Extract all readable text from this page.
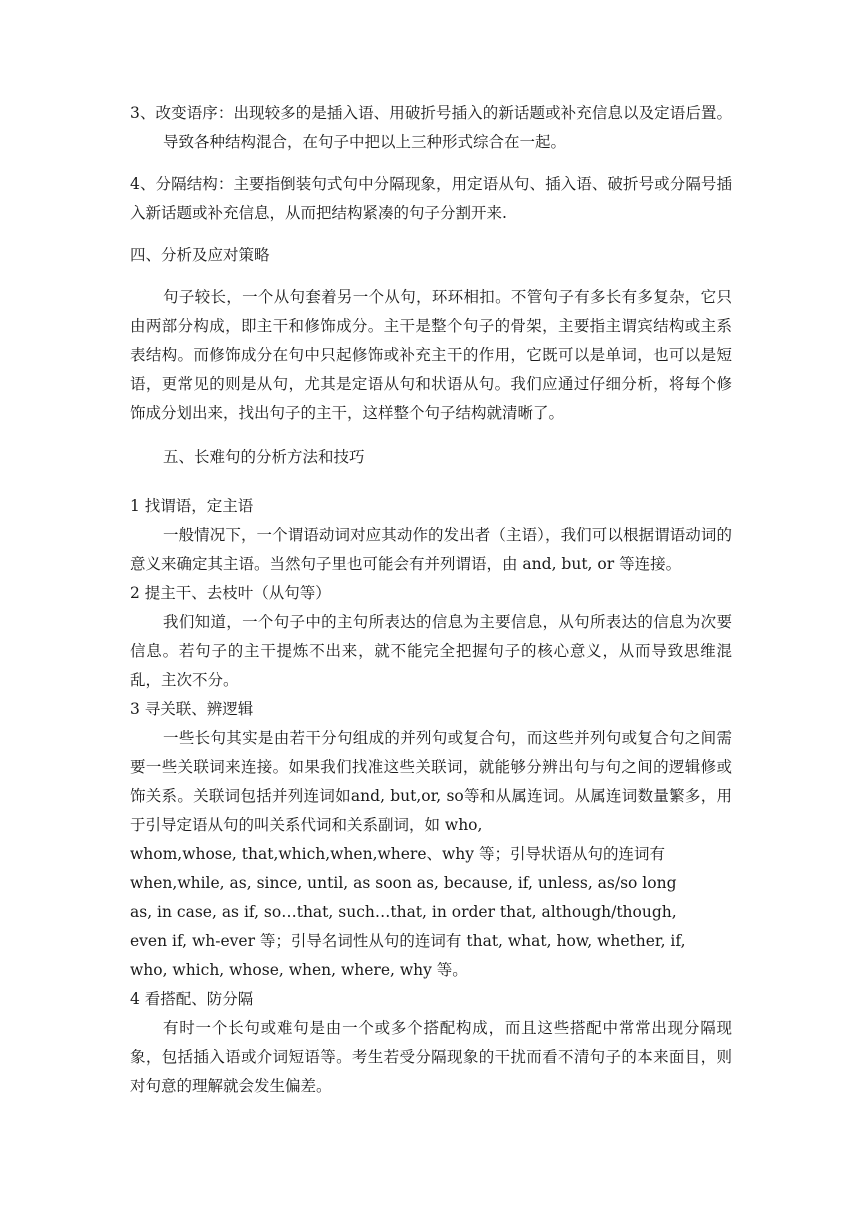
3、改变语序：出现较多的是插入语、用破折号插入的新话题或补充信息以及定语后置。导致各种结构混合，在句子中把以上三种形式综合在一起。

4、分隔结构：主要指倒装句式句中分隔现象，用定语从句、插入语、破折号或分隔号插入新话题或补充信息，从而把结构紧凑的句子分割开来.

四、分析及应对策略

句子较长，一个从句套着另一个从句，环环相扣。不管句子有多长有多复杂，它只由两部分构成，即主干和修饰成分。主干是整个句子的骨架，主要指主谓宾结构或主系表结构。而修饰成分在句中只起修饰或补充主干的作用，它既可以是单词，也可以是短语，更常见的则是从句，尤其是定语从句和状语从句。我们应通过仔细分析，将每个修饰成分划出来，找出句子的主干，这样整个句子结构就清晰了。

五、长难句的分析方法和技巧

1 找谓语，定主语

一般情况下，一个谓语动词对应其动作的发出者（主语），我们可以根据谓语动词的意义来确定其主语。当然句子里也可能会有并列谓语，由 and, but, or 等连接。

2 提主干、去枝叶（从句等）

我们知道，一个句子中的主句所表达的信息为主要信息，从句所表达的信息为次要信息。若句子的主干提炼不出来，就不能完全把握句子的核心意义，从而导致思维混乱，主次不分。

3 寻关联、辨逻辑

一些长句其实是由若干分句组成的并列句或复合句，而这些并列句或复合句之间需要一些关联词来连接。如果我们找准这些关联词，就能够分辨出句与句之间的逻辑修或饰关系。关联词包括并列连词如and, but,or, so等和从属连词。从属连词数量繁多，用于引导定语从句的叫关系代词和关系副词，如 who,

whom,whose, that,which,when,where、why 等；引导状语从句的连词有

when,while, as, since, until, as soon as, because, if, unless, as/so long

as, in case, as if, so…that, such…that, in order that, although/though,

even if, wh-ever 等；引导名词性从句的连词有 that, what, how, whether, if,

who, which, whose, when, where, why 等。

4 看搭配、防分隔

有时一个长句或难句是由一个或多个搭配构成，而且这些搭配中常常出现分隔现象，包括插入语或介词短语等。考生若受分隔现象的干扰而看不清句子的本来面目，则对句意的理解就会发生偏差。
